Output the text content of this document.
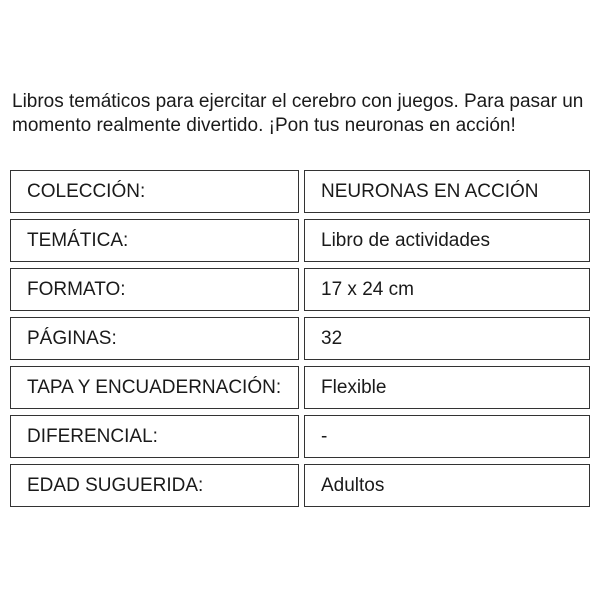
Libros temáticos para ejercitar el cerebro con juegos. Para pasar un momento realmente divertido. ¡Pon tus neuronas en acción!

COLECCIÓN:	NEURONAS EN ACCIÓN
TEMÁTICA:	Libro de actividades
FORMATO:	17 x 24 cm
PÁGINAS:	32
TAPA Y ENCUADERNACIÓN:	Flexible
DIFERENCIAL:	-
EDAD SUGUERIDA:	Adultos
